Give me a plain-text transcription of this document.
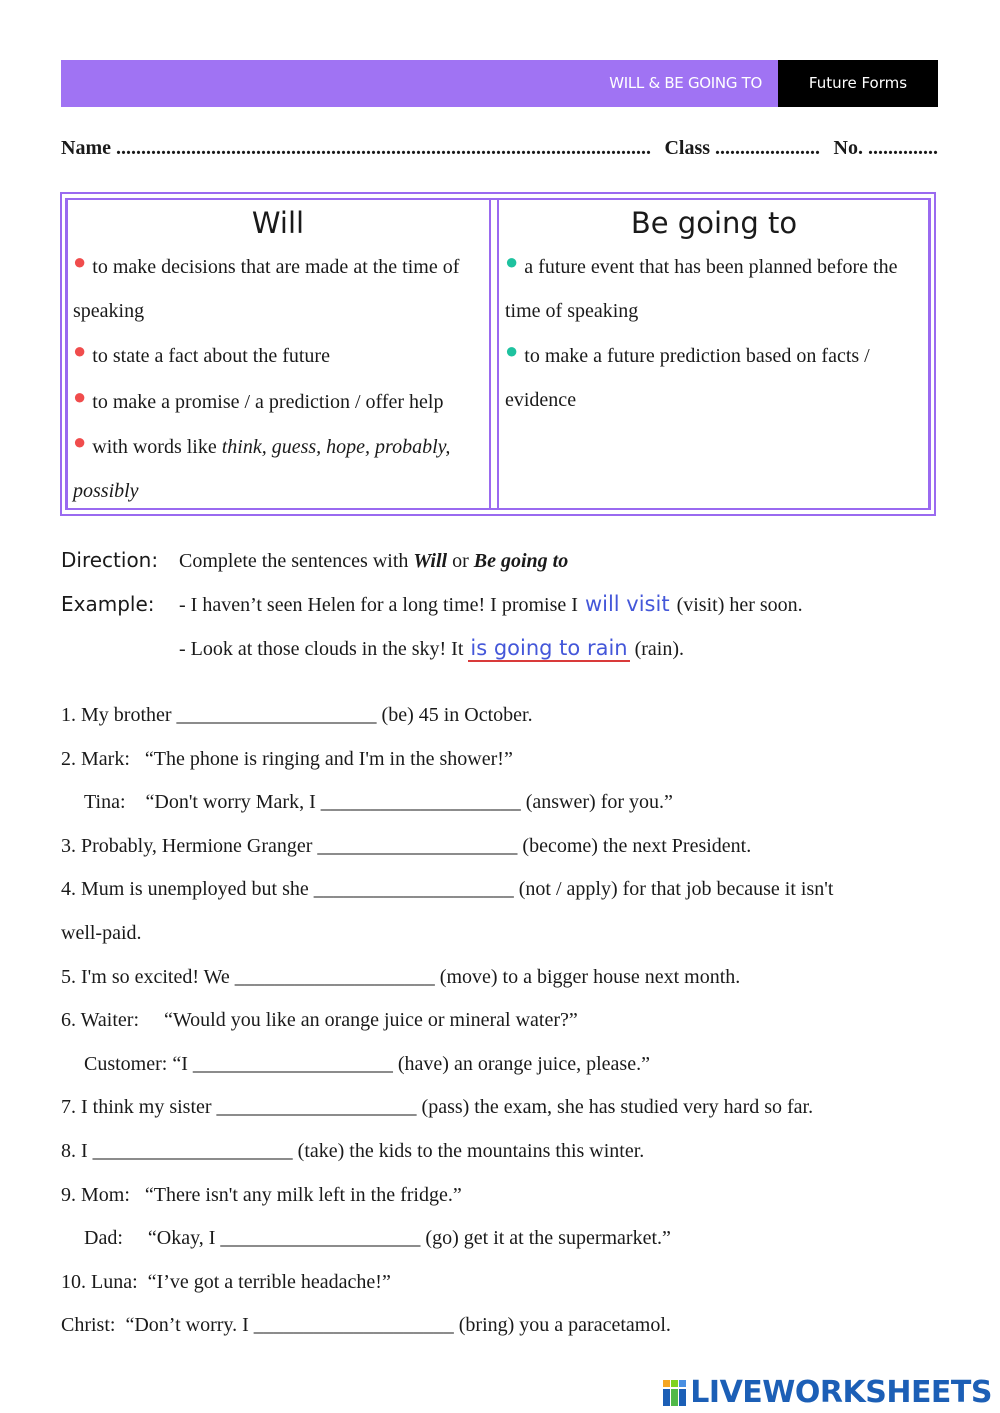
WILL & BE GOING TO	Future Forms
Name ........................................................................................................... Class ..................... No. ..............
Will

● to make decisions that are made at the time of speaking

● to state a fact about the future

● to make a promise / a prediction / offer help

● with words like think, guess, hope, probably, possibly

Be going to

● a future event that has been planned before the time of speaking

● to make a future prediction based on facts / evidence

Direction: Complete the sentences with Will or Be going to
Example: - I haven’t seen Helen for a long time! I promise I will visit (visit) her soon.
- Look at those clouds in the sky! It is going to rain (rain).

1. My brother ____________________ (be) 45 in October.

2. Mark:   “The phone is ringing and I'm in the shower!”

Tina:    “Don't worry Mark, I ____________________ (answer) for you.”

3. Probably, Hermione Granger ____________________ (become) the next President.

4. Mum is unemployed but she ____________________ (not / apply) for that job because it isn't

well-paid.

5. I'm so excited! We ____________________ (move) to a bigger house next month.

6. Waiter:     “Would you like an orange juice or mineral water?”

Customer: “I ____________________ (have) an orange juice, please.”

7. I think my sister ____________________ (pass) the exam, she has studied very hard so far.

8. I ____________________ (take) the kids to the mountains this winter.

9. Mom:   “There isn't any milk left in the fridge.”

Dad:     “Okay, I ____________________ (go) get it at the supermarket.”

10. Luna:  “I’ve got a terrible headache!”

Christ:  “Don’t worry. I ____________________ (bring) you a paracetamol.

LIVEWORKSHEETS
